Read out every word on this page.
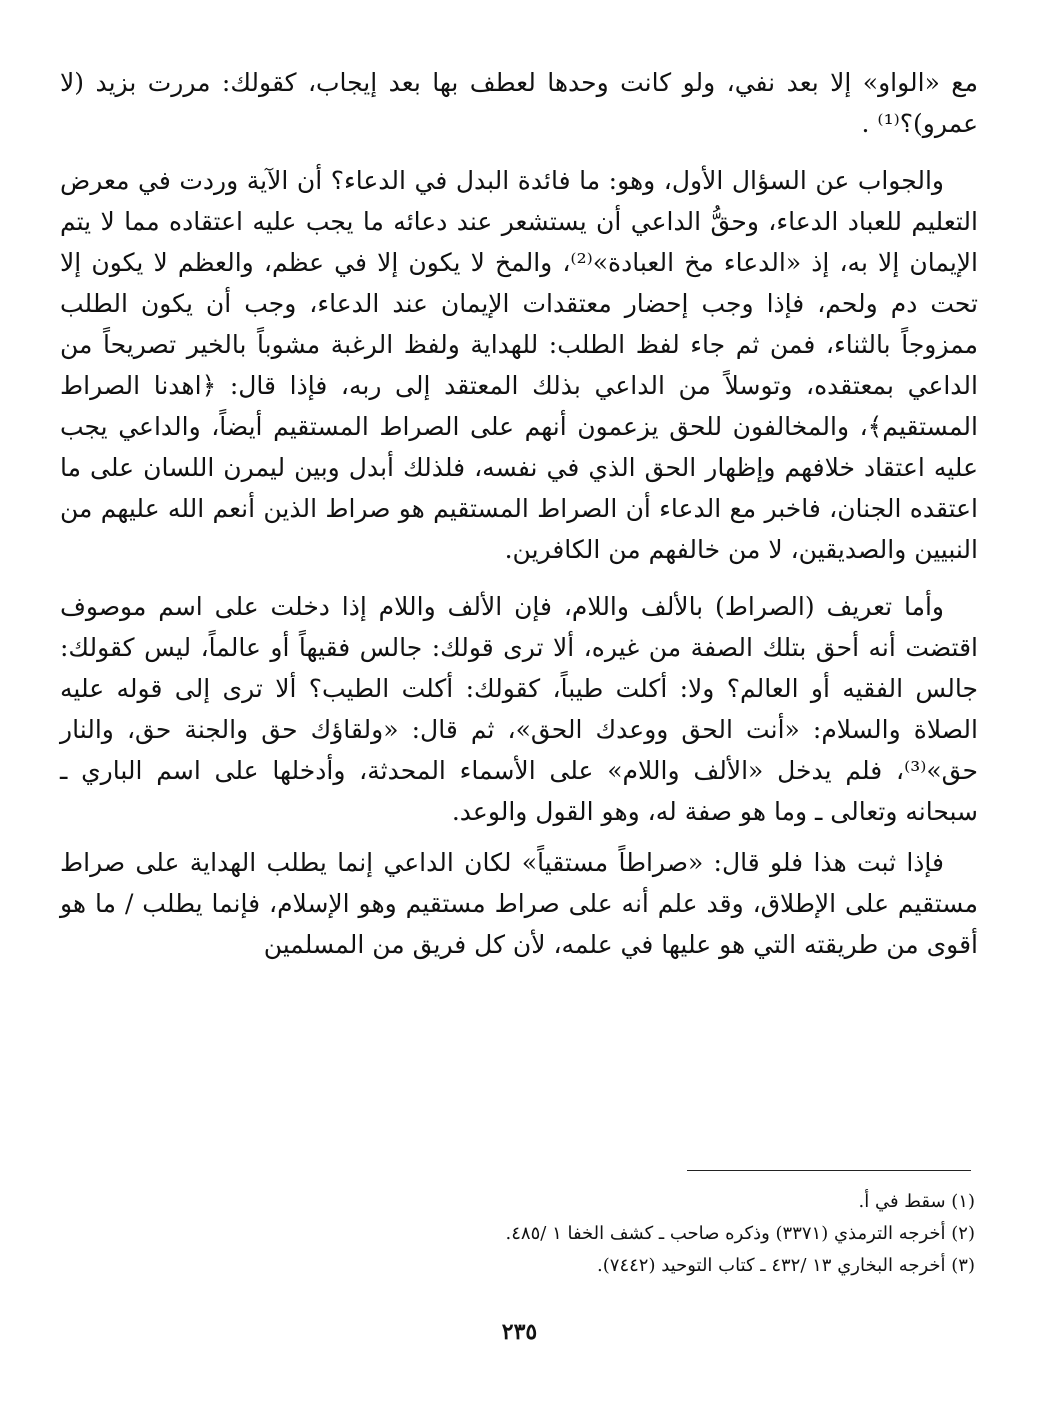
مع «الواو» إلا بعد نفي، ولو كانت وحدها لعطف بها بعد إيجاب، كقولك: مررت بزيد (لا عمرو)؟⁽¹⁾ .

والجواب عن السؤال الأول، وهو: ما فائدة البدل في الدعاء؟ أن الآية وردت في معرض التعليم للعباد الدعاء، وحقُّ الداعي أن يستشعر عند دعائه ما يجب عليه اعتقاده مما لا يتم الإيمان إلا به، إذ «الدعاء مخ العبادة»⁽²⁾، والمخ لا يكون إلا في عظم، والعظم لا يكون إلا تحت دم ولحم، فإذا وجب إحضار معتقدات الإيمان عند الدعاء، وجب أن يكون الطلب ممزوجاً بالثناء، فمن ثم جاء لفظ الطلب: للهداية ولفظ الرغبة مشوباً بالخير تصريحاً من الداعي بمعتقده، وتوسلاً من الداعي بذلك المعتقد إلى ربه، فإذا قال: ﴿اهدنا الصراط المستقيم﴾، والمخالفون للحق يزعمون أنهم على الصراط المستقيم أيضاً، والداعي يجب عليه اعتقاد خلافهم وإظهار الحق الذي في نفسه، فلذلك أبدل وبين ليمرن اللسان على ما اعتقده الجنان، فاخبر مع الدعاء أن الصراط المستقيم هو صراط الذين أنعم الله عليهم من النبيين والصديقين، لا من خالفهم من الكافرين.

وأما تعريف (الصراط) بالألف واللام، فإن الألف واللام إذا دخلت على اسم موصوف اقتضت أنه أحق بتلك الصفة من غيره، ألا ترى قولك: جالس فقيهاً أو عالماً، ليس كقولك: جالس الفقيه أو العالم؟ ولا: أكلت طيباً، كقولك: أكلت الطيب؟ ألا ترى إلى قوله عليه الصلاة والسلام: «أنت الحق ووعدك الحق»، ثم قال: «ولقاؤك حق والجنة حق، والنار حق»⁽³⁾، فلم يدخل «الألف واللام» على الأسماء المحدثة، وأدخلها على اسم الباري ـ سبحانه وتعالى ـ وما هو صفة له، وهو القول والوعد.

فإذا ثبت هذا فلو قال: «صراطاً مستقياً» لكان الداعي إنما يطلب الهداية على صراط مستقيم على الإطلاق، وقد علم أنه على صراط مستقيم وهو الإسلام، فإنما يطلب / ما هو أقوى من طريقته التي هو عليها في علمه، لأن كل فريق من المسلمين

(١) سقط في أ.

(٢) أخرجه الترمذي (٣٣٧١) وذكره صاحب ـ كشف الخفا ١ /٤٨٥.

(٣) أخرجه البخاري ١٣ /٤٣٢ ـ كتاب التوحيد (٧٤٤٢).

٢٣٥
